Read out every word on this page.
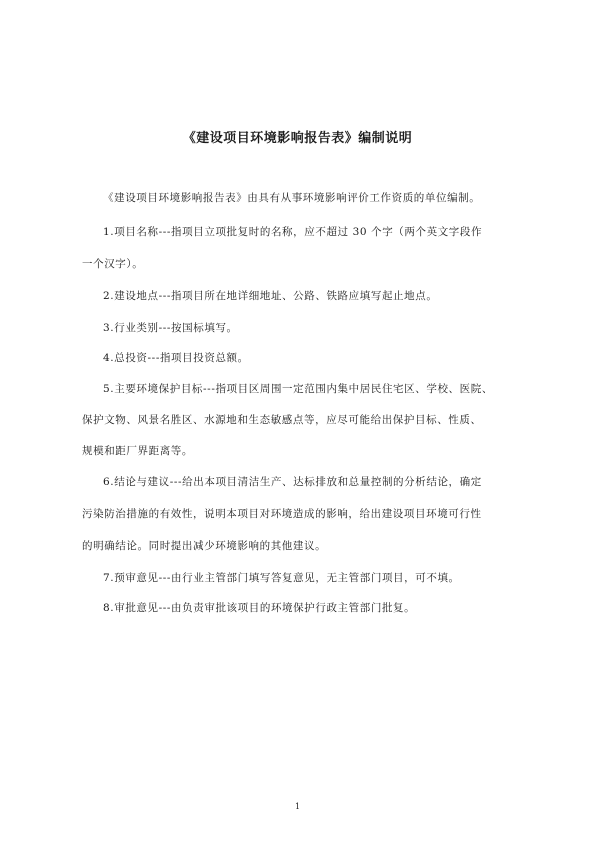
《建设项目环境影响报告表》编制说明
《建设项目环境影响报告表》由具有从事环境影响评价工作资质的单位编制。
1.项目名称---指项目立项批复时的名称，应不超过 30 个字（两个英文字段作
一个汉字）。
2.建设地点---指项目所在地详细地址、公路、铁路应填写起止地点。
3.行业类别---按国标填写。
4.总投资---指项目投资总额。
5.主要环境保护目标---指项目区周围一定范围内集中居民住宅区、学校、医院、
保护文物、风景名胜区、水源地和生态敏感点等，应尽可能给出保护目标、性质、
规模和距厂界距离等。
6.结论与建议---给出本项目清洁生产、达标排放和总量控制的分析结论，确定
污染防治措施的有效性，说明本项目对环境造成的影响，给出建设项目环境可行性
的明确结论。同时提出减少环境影响的其他建议。
7.预审意见---由行业主管部门填写答复意见，无主管部门项目，可不填。
8.审批意见---由负责审批该项目的环境保护行政主管部门批复。
1
